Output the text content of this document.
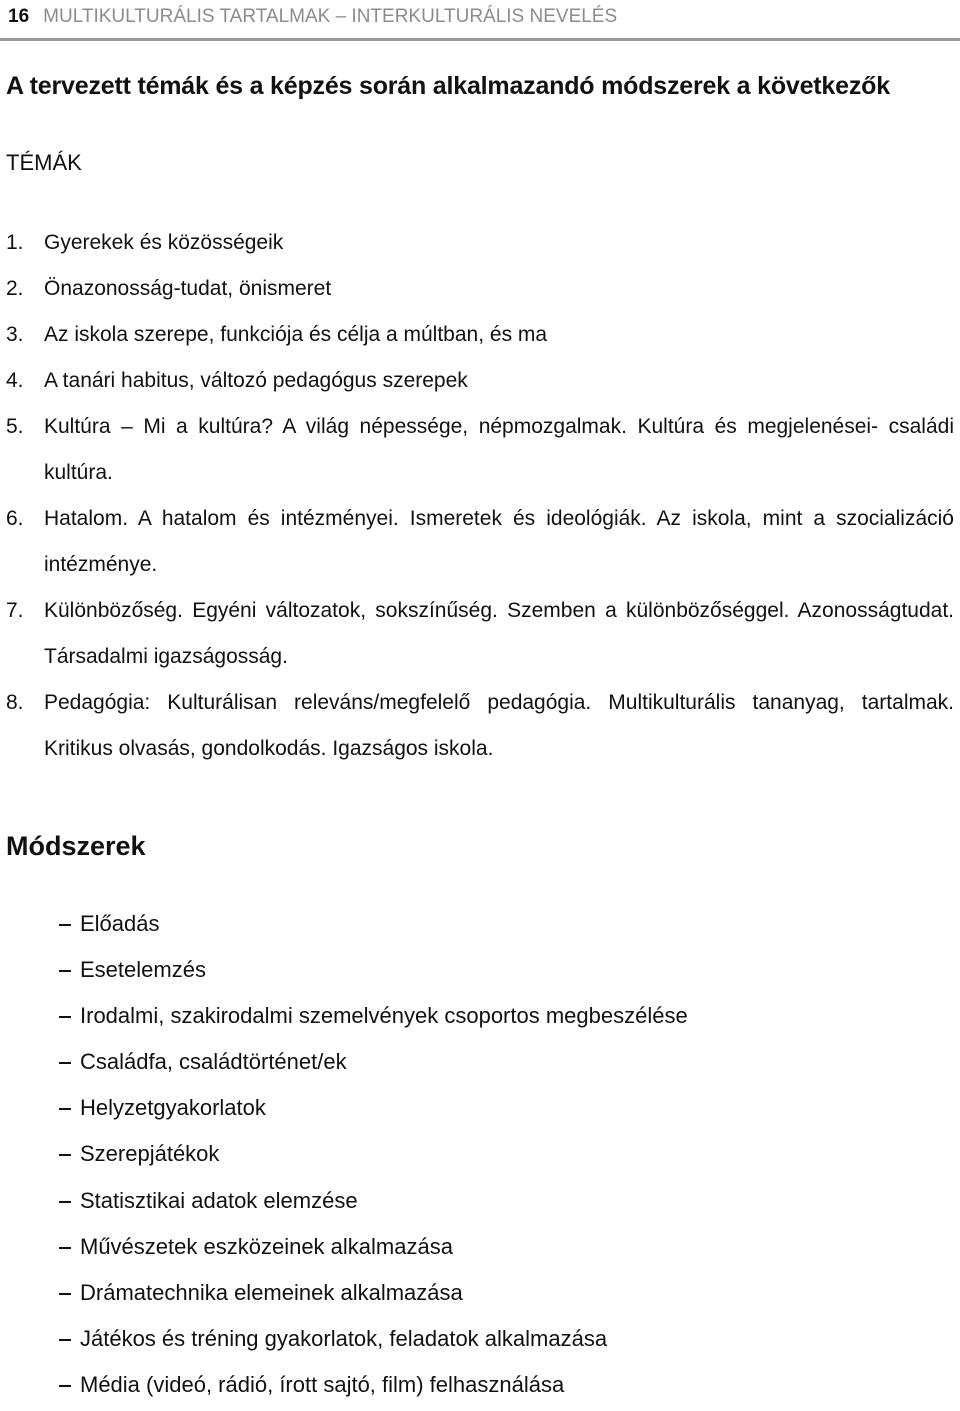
16 MULTIKULTURÁLIS TARTALMAK – INTERKULTURÁLIS NEVELÉS
A tervezett témák és a képzés során alkalmazandó módszerek a következők
TÉMÁK
1. Gyerekek és közösségeik
2. Önazonosság-tudat, önismeret
3. Az iskola szerepe, funkciója és célja a múltban, és ma
4. A tanári habitus, változó pedagógus szerepek
5. Kultúra – Mi a kultúra? A világ népessége, népmozgalmak. Kultúra és megjelenései- családi kultúra.
6. Hatalom. A hatalom és intézményei. Ismeretek és ideológiák. Az iskola, mint a szocializáció intézménye.
7. Különbözőség. Egyéni változatok, sokszínűség. Szemben a különbözőséggel. Azonosságtudat. Társadalmi igazságosság.
8. Pedagógia: Kulturálisan releváns/megfelelő pedagógia. Multikulturális tananyag, tartalmak. Kritikus olvasás, gondolkodás. Igazságos iskola.
Módszerek
Előadás
Esetelemzés
Irodalmi, szakirodalmi szemelvények csoportos megbeszélése
Családfa, családtörténet/ek
Helyzetgyakorlatok
Szerepjátékok
Statisztikai adatok elemzése
Művészetek eszközeinek alkalmazása
Drámatechnika elemeinek alkalmazása
Játékos és tréning gyakorlatok, feladatok alkalmazása
Média (videó, rádió, írott sajtó, film) felhasználása
